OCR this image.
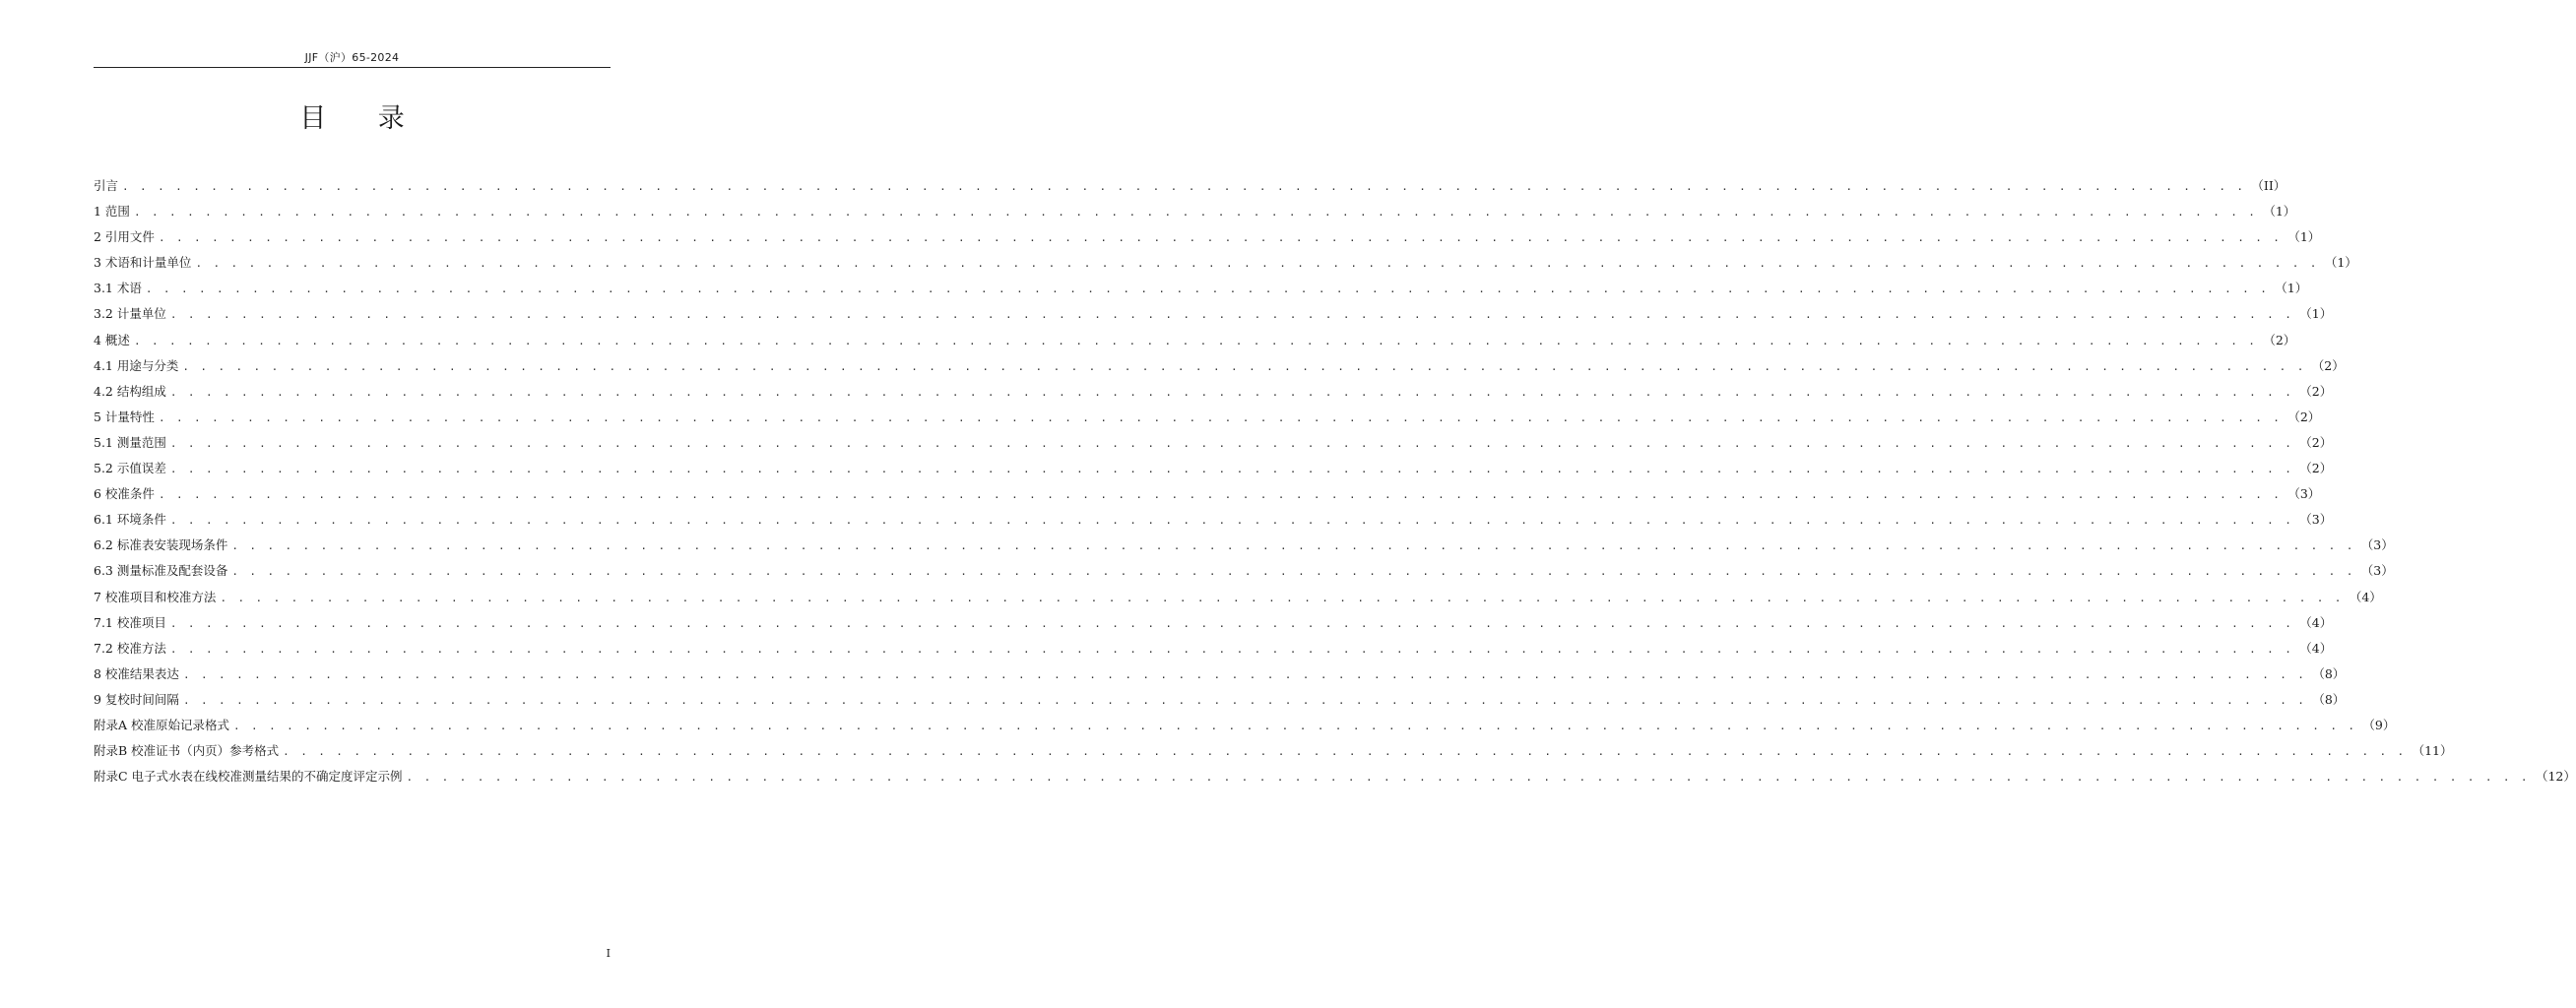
JJF（沪）65-2024
目 录
引言 . . . . . . . . . . . . . . . . . . . . . . . . . . . . . . . . . . . . . . . . . . . . . . . . . . . . . . . . . . . . . . . . . . . . . . . . . . . . . . . . . . . . . . . . . . . . . . . . . . . . . . . . . . . . . . . . . . . . . . . . （II）
1 范围 . . . . . . . . . . . . . . . . . . . . . . . . . . . . . . . . . . . . . . . . . . . . . . . . . . . . . . . . . . . . . . . . . . . . . . . . . . . . . . . . . . . . . . . . . . . . . . . . . . . . . . . . . . . . . . . . . . . . . . . . （1）
2 引用文件 . . . . . . . . . . . . . . . . . . . . . . . . . . . . . . . . . . . . . . . . . . . . . . . . . . . . . . . . . . . . . . . . . . . . . . . . . . . . . . . . . . . . . . . . . . . . . . . . . . . . . . . . . . . . . . . . . . . . . . . . （1）
3 术语和计量单位 . . . . . . . . . . . . . . . . . . . . . . . . . . . . . . . . . . . . . . . . . . . . . . . . . . . . . . . . . . . . . . . . . . . . . . . . . . . . . . . . . . . . . . . . . . . . . . . . . . . . . . . . . . . . . . . . . . . . . . . . （1）
3.1 术语 . . . . . . . . . . . . . . . . . . . . . . . . . . . . . . . . . . . . . . . . . . . . . . . . . . . . . . . . . . . . . . . . . . . . . . . . . . . . . . . . . . . . . . . . . . . . . . . . . . . . . . . . . . . . . . . . . . . . . . . . （1）
3.2 计量单位 . . . . . . . . . . . . . . . . . . . . . . . . . . . . . . . . . . . . . . . . . . . . . . . . . . . . . . . . . . . . . . . . . . . . . . . . . . . . . . . . . . . . . . . . . . . . . . . . . . . . . . . . . . . . . . . . . . . . . . . . （1）
4 概述 . . . . . . . . . . . . . . . . . . . . . . . . . . . . . . . . . . . . . . . . . . . . . . . . . . . . . . . . . . . . . . . . . . . . . . . . . . . . . . . . . . . . . . . . . . . . . . . . . . . . . . . . . . . . . . . . . . . . . . . . （2）
4.1 用途与分类 . . . . . . . . . . . . . . . . . . . . . . . . . . . . . . . . . . . . . . . . . . . . . . . . . . . . . . . . . . . . . . . . . . . . . . . . . . . . . . . . . . . . . . . . . . . . . . . . . . . . . . . . . . . . . . . . . . . . . . . . （2）
4.2 结构组成 . . . . . . . . . . . . . . . . . . . . . . . . . . . . . . . . . . . . . . . . . . . . . . . . . . . . . . . . . . . . . . . . . . . . . . . . . . . . . . . . . . . . . . . . . . . . . . . . . . . . . . . . . . . . . . . . . . . . . . . . （2）
5 计量特性 . . . . . . . . . . . . . . . . . . . . . . . . . . . . . . . . . . . . . . . . . . . . . . . . . . . . . . . . . . . . . . . . . . . . . . . . . . . . . . . . . . . . . . . . . . . . . . . . . . . . . . . . . . . . . . . . . . . . . . . . （2）
5.1 测量范围 . . . . . . . . . . . . . . . . . . . . . . . . . . . . . . . . . . . . . . . . . . . . . . . . . . . . . . . . . . . . . . . . . . . . . . . . . . . . . . . . . . . . . . . . . . . . . . . . . . . . . . . . . . . . . . . . . . . . . . . . （2）
5.2 示值误差 . . . . . . . . . . . . . . . . . . . . . . . . . . . . . . . . . . . . . . . . . . . . . . . . . . . . . . . . . . . . . . . . . . . . . . . . . . . . . . . . . . . . . . . . . . . . . . . . . . . . . . . . . . . . . . . . . . . . . . . . （2）
6 校准条件 . . . . . . . . . . . . . . . . . . . . . . . . . . . . . . . . . . . . . . . . . . . . . . . . . . . . . . . . . . . . . . . . . . . . . . . . . . . . . . . . . . . . . . . . . . . . . . . . . . . . . . . . . . . . . . . . . . . . . . . . （3）
6.1 环境条件 . . . . . . . . . . . . . . . . . . . . . . . . . . . . . . . . . . . . . . . . . . . . . . . . . . . . . . . . . . . . . . . . . . . . . . . . . . . . . . . . . . . . . . . . . . . . . . . . . . . . . . . . . . . . . . . . . . . . . . . . （3）
6.2 标准表安装现场条件 . . . . . . . . . . . . . . . . . . . . . . . . . . . . . . . . . . . . . . . . . . . . . . . . . . . . . . . . . . . . . . . . . . . . . . . . . . . . . . . . . . . . . . . . . . . . . . . . . . . . . . . . . . . . . . . . . . . . . . . . （3）
6.3 测量标准及配套设备 . . . . . . . . . . . . . . . . . . . . . . . . . . . . . . . . . . . . . . . . . . . . . . . . . . . . . . . . . . . . . . . . . . . . . . . . . . . . . . . . . . . . . . . . . . . . . . . . . . . . . . . . . . . . . . . . . . . . . . . . （3）
7 校准项目和校准方法 . . . . . . . . . . . . . . . . . . . . . . . . . . . . . . . . . . . . . . . . . . . . . . . . . . . . . . . . . . . . . . . . . . . . . . . . . . . . . . . . . . . . . . . . . . . . . . . . . . . . . . . . . . . . . . . . . . . . . . . . （4）
7.1 校准项目 . . . . . . . . . . . . . . . . . . . . . . . . . . . . . . . . . . . . . . . . . . . . . . . . . . . . . . . . . . . . . . . . . . . . . . . . . . . . . . . . . . . . . . . . . . . . . . . . . . . . . . . . . . . . . . . . . . . . . . . . （4）
7.2 校准方法 . . . . . . . . . . . . . . . . . . . . . . . . . . . . . . . . . . . . . . . . . . . . . . . . . . . . . . . . . . . . . . . . . . . . . . . . . . . . . . . . . . . . . . . . . . . . . . . . . . . . . . . . . . . . . . . . . . . . . . . . （4）
8 校准结果表达 . . . . . . . . . . . . . . . . . . . . . . . . . . . . . . . . . . . . . . . . . . . . . . . . . . . . . . . . . . . . . . . . . . . . . . . . . . . . . . . . . . . . . . . . . . . . . . . . . . . . . . . . . . . . . . . . . . . . . . . . （8）
9 复校时间间隔 . . . . . . . . . . . . . . . . . . . . . . . . . . . . . . . . . . . . . . . . . . . . . . . . . . . . . . . . . . . . . . . . . . . . . . . . . . . . . . . . . . . . . . . . . . . . . . . . . . . . . . . . . . . . . . . . . . . . . . . . （8）
附录A 校准原始记录格式 . . . . . . . . . . . . . . . . . . . . . . . . . . . . . . . . . . . . . . . . . . . . . . . . . . . . . . . . . . . . . . . . . . . . . . . . . . . . . . . . . . . . . . . . . . . . . . . . . . . . . . . . . . . . . . . . . . . . . . . . （9）
附录B 校准证书（内页）参考格式 . . . . . . . . . . . . . . . . . . . . . . . . . . . . . . . . . . . . . . . . . . . . . . . . . . . . . . . . . . . . . . . . . . . . . . . . . . . . . . . . . . . . . . . . . . . . . . . . . . . . . . . . . . . . . . . . . . . . . . . . （11）
附录C 电子式水表在线校准测量结果的不确定度评定示例 . . . . . . . . . . . . . . . . . . . . . . . . . . . . . . . . . . . . . . . . . . . . . . . . . . . . . . . . . . . . . . . . . . . . . . . . . . . . . . . . . . . . . . . . . . . . . . . . . . . . . . . . . . . . . . . . . . . . . . . . （12）
I
